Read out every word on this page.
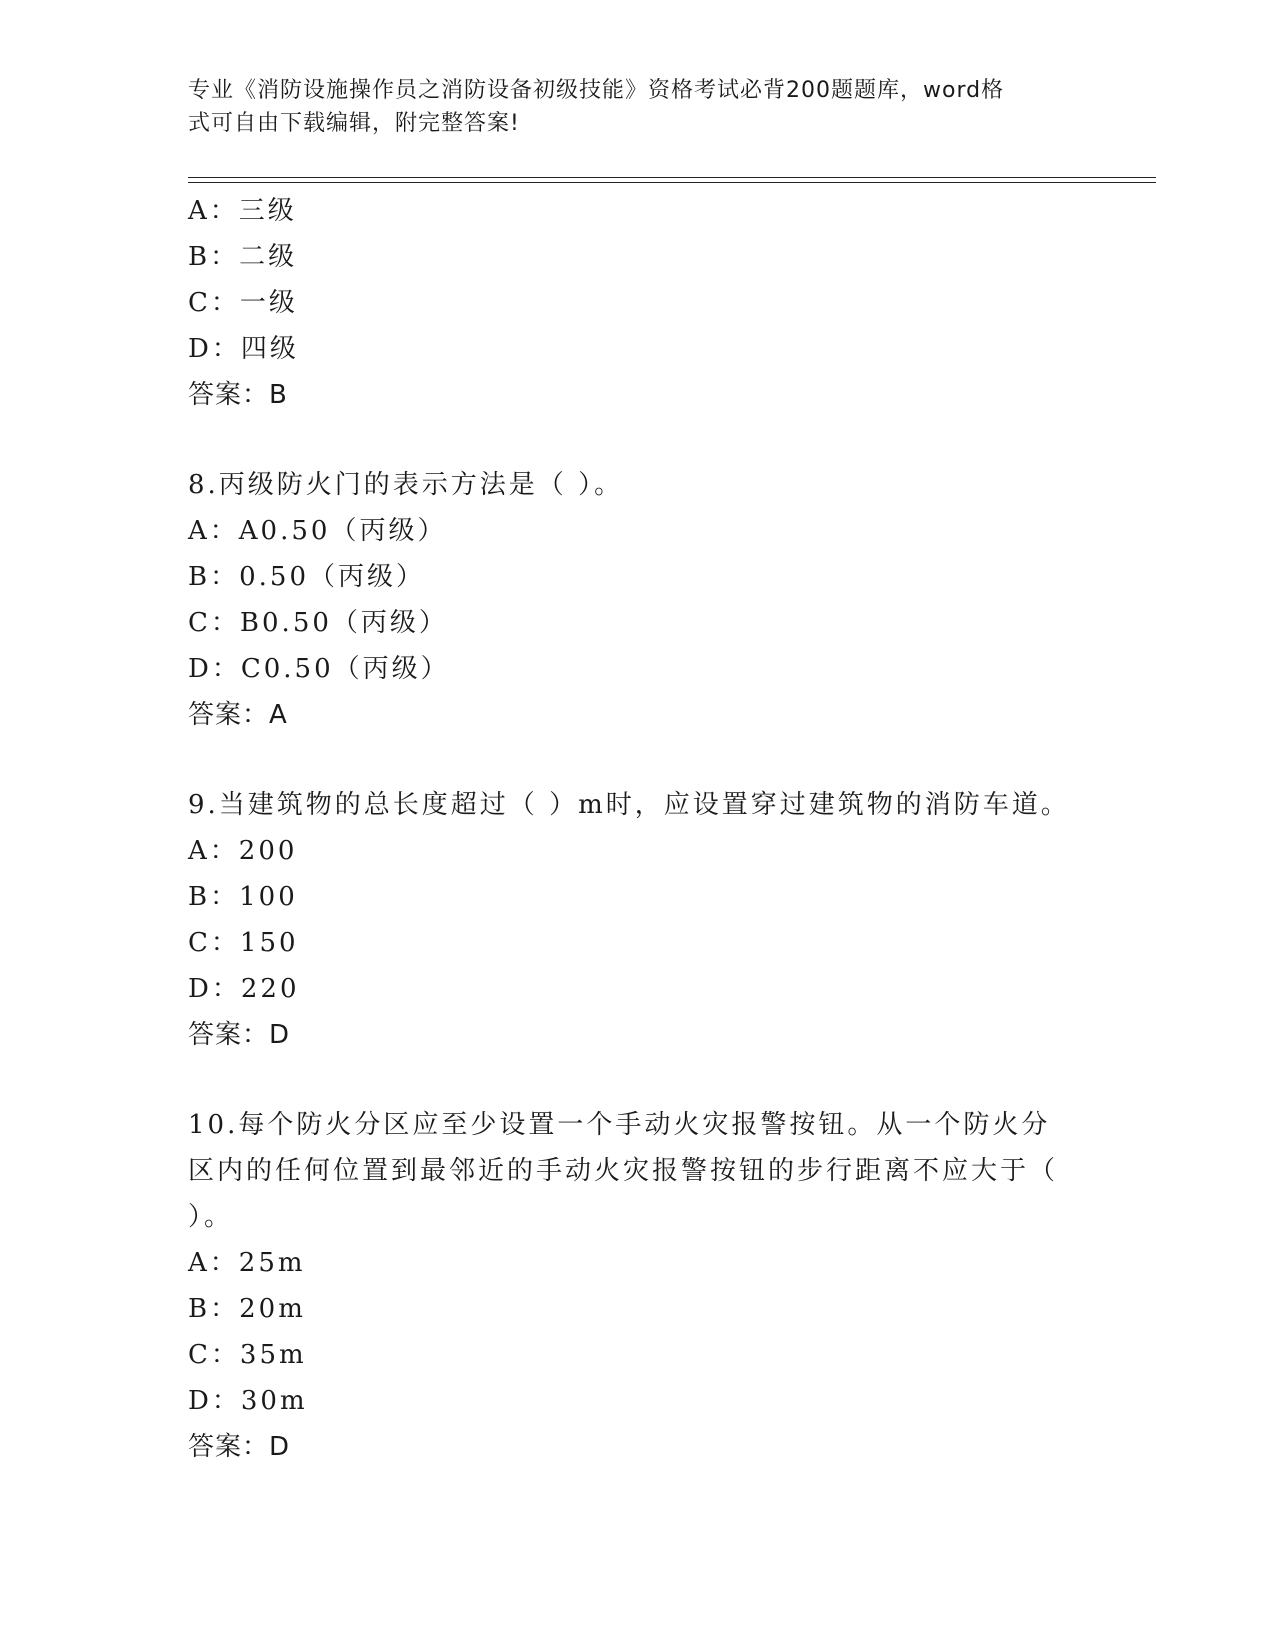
专业《消防设施操作员之消防设备初级技能》资格考试必背200题题库，word格
式可自由下载编辑，附完整答案!
A：三级
B：二级
C：一级
D：四级
答案：B
8.丙级防火门的表示方法是（ ）。
A：A0.50（丙级）
B：0.50（丙级）
C：B0.50（丙级）
D：C0.50（丙级）
答案：A
9.当建筑物的总长度超过（ ）m时，应设置穿过建筑物的消防车道。
A：200
B：100
C：150
D：220
答案：D
10.每个防火分区应至少设置一个手动火灾报警按钮。从一个防火分区内的任何位置到最邻近的手动火灾报警按钮的步行距离不应大于（ ）。
A：25m
B：20m
C：35m
D：30m
答案：D
